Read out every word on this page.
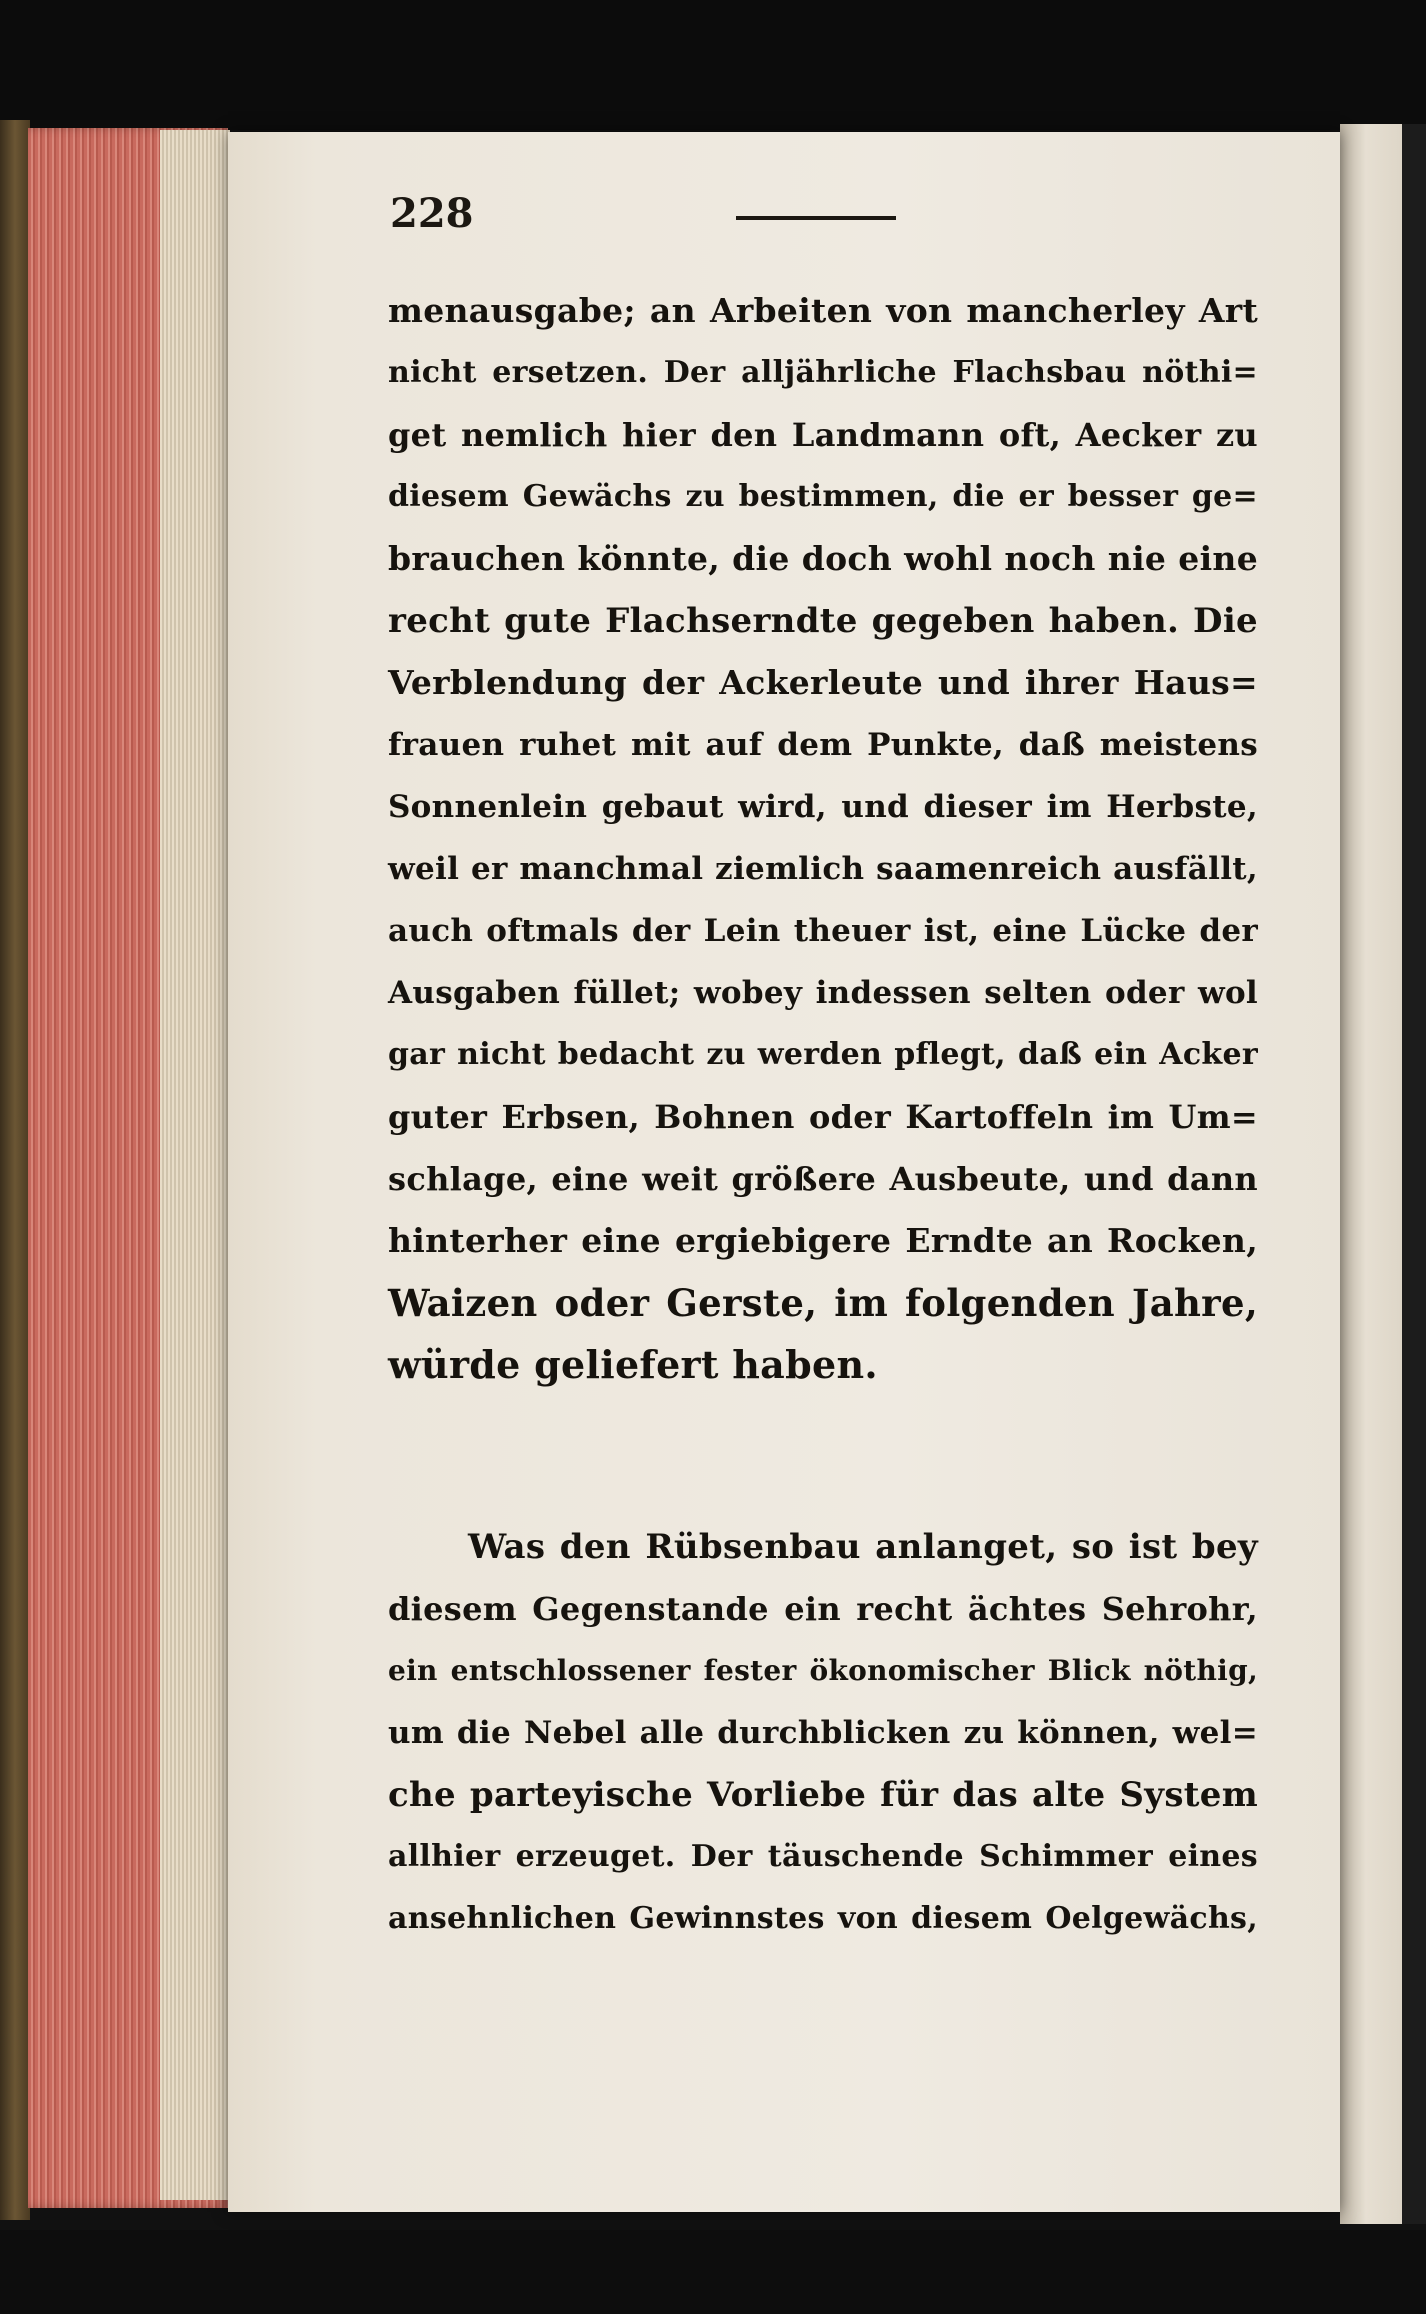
228
menausgabe; an Arbeiten von mancherley Art
nicht ersetzen. Der alljährliche Flachsbau nöthi=
get nemlich hier den Landmann oft, Aecker zu
diesem Gewächs zu bestimmen, die er besser ge=
brauchen könnte, die doch wohl noch nie eine
recht gute Flachserndte gegeben haben. Die
Verblendung der Ackerleute und ihrer Haus=
frauen ruhet mit auf dem Punkte, daß meistens
Sonnenlein gebaut wird, und dieser im Herbste,
weil er manchmal ziemlich saamenreich ausfällt,
auch oftmals der Lein theuer ist, eine Lücke der
Ausgaben füllet; wobey indessen selten oder wol
gar nicht bedacht zu werden pflegt, daß ein Acker
guter Erbsen, Bohnen oder Kartoffeln im Um=
schlage, eine weit größere Ausbeute, und dann
hinterher eine ergiebigere Erndte an Rocken,
Waizen oder Gerste, im folgenden Jahre,
würde geliefert haben.
Was den Rübsenbau anlanget, so ist bey
diesem Gegenstande ein recht ächtes Sehrohr,
ein entschlossener fester ökonomischer Blick nöthig,
um die Nebel alle durchblicken zu können, wel=
che parteyische Vorliebe für das alte System
allhier erzeuget. Der täuschende Schimmer eines
ansehnlichen Gewinnstes von diesem Oelgewächs,
